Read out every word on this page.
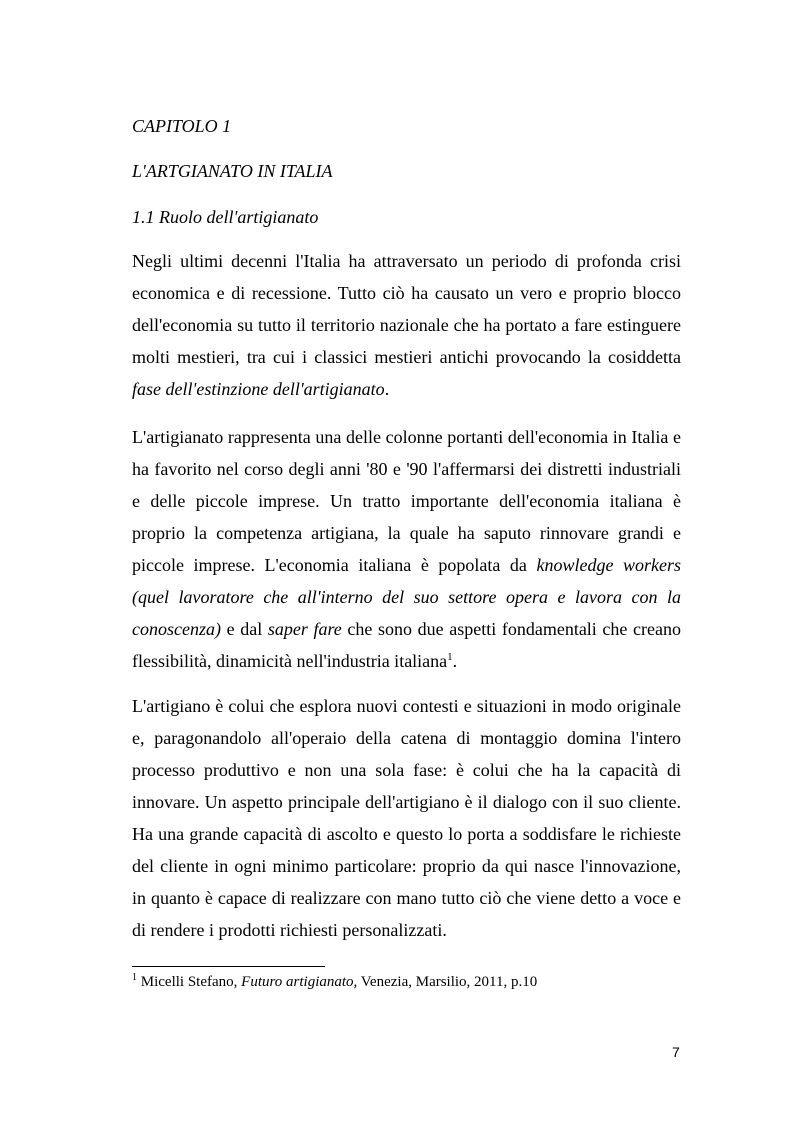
CAPITOLO 1
L'ARTGIANATO IN ITALIA
1.1 Ruolo dell'artigianato

Negli ultimi decenni l'Italia ha attraversato un periodo di profonda crisi economica e di recessione. Tutto ciò ha causato un vero e proprio blocco dell'economia su tutto il territorio nazionale che ha portato a fare estinguere molti mestieri, tra cui i classici mestieri antichi provocando la cosiddetta fase dell'estinzione dell'artigianato.

L'artigianato rappresenta una delle colonne portanti dell'economia in Italia e ha favorito nel corso degli anni '80 e '90 l'affermarsi dei distretti industriali e delle piccole imprese. Un tratto importante dell'economia italiana è proprio la competenza artigiana, la quale ha saputo rinnovare grandi e piccole imprese. L'economia italiana è popolata da knowledge workers (quel lavoratore che all'interno del suo settore opera e lavora con la conoscenza) e dal saper fare che sono due aspetti fondamentali che creano flessibilità, dinamicità nell'industria italiana$^1$.

L'artigiano è colui che esplora nuovi contesti e situazioni in modo originale e, paragonandolo all'operaio della catena di montaggio domina l'intero processo produttivo e non una sola fase: è colui che ha la capacità di innovare. Un aspetto principale dell'artigiano è il dialogo con il suo cliente. Ha una grande capacità di ascolto e questo lo porta a soddisfare le richieste del cliente in ogni minimo particolare: proprio da qui nasce l'innovazione, in quanto è capace di realizzare con mano tutto ciò che viene detto a voce e di rendere i prodotti richiesti personalizzati.

$^1$ Micelli Stefano, Futuro artigianato, Venezia, Marsilio, 2011, p.10
7
